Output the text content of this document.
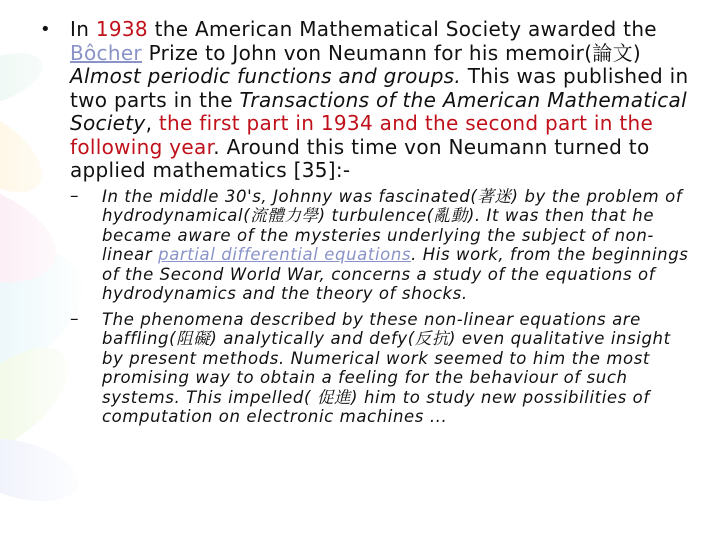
• In 1938 the American Mathematical Society awarded the Bôcher Prize to John von Neumann for his memoir(論文) Almost periodic functions and groups. This was published in two parts in the Transactions of the American Mathematical Society, the first part in 1934 and the second part in the following year. Around this time von Neumann turned to applied mathematics [35]:-
–	In the middle 30's, Johnny was fascinated(著迷) by the problem of hydrodynamical(流體力學) turbulence(亂動). It was then that he became aware of the mysteries underlying the subject of non-linear partial differential equations. His work, from the beginnings of the Second World War, concerns a study of the equations of hydrodynamics and the theory of shocks.
–	The phenomena described by these non-linear equations are baffling(阻礙) analytically and defy(反抗) even qualitative insight by present methods. Numerical work seemed to him the most promising way to obtain a feeling for the behaviour of such systems. This impelled( 促進) him to study new possibilities of computation on electronic machines ...
